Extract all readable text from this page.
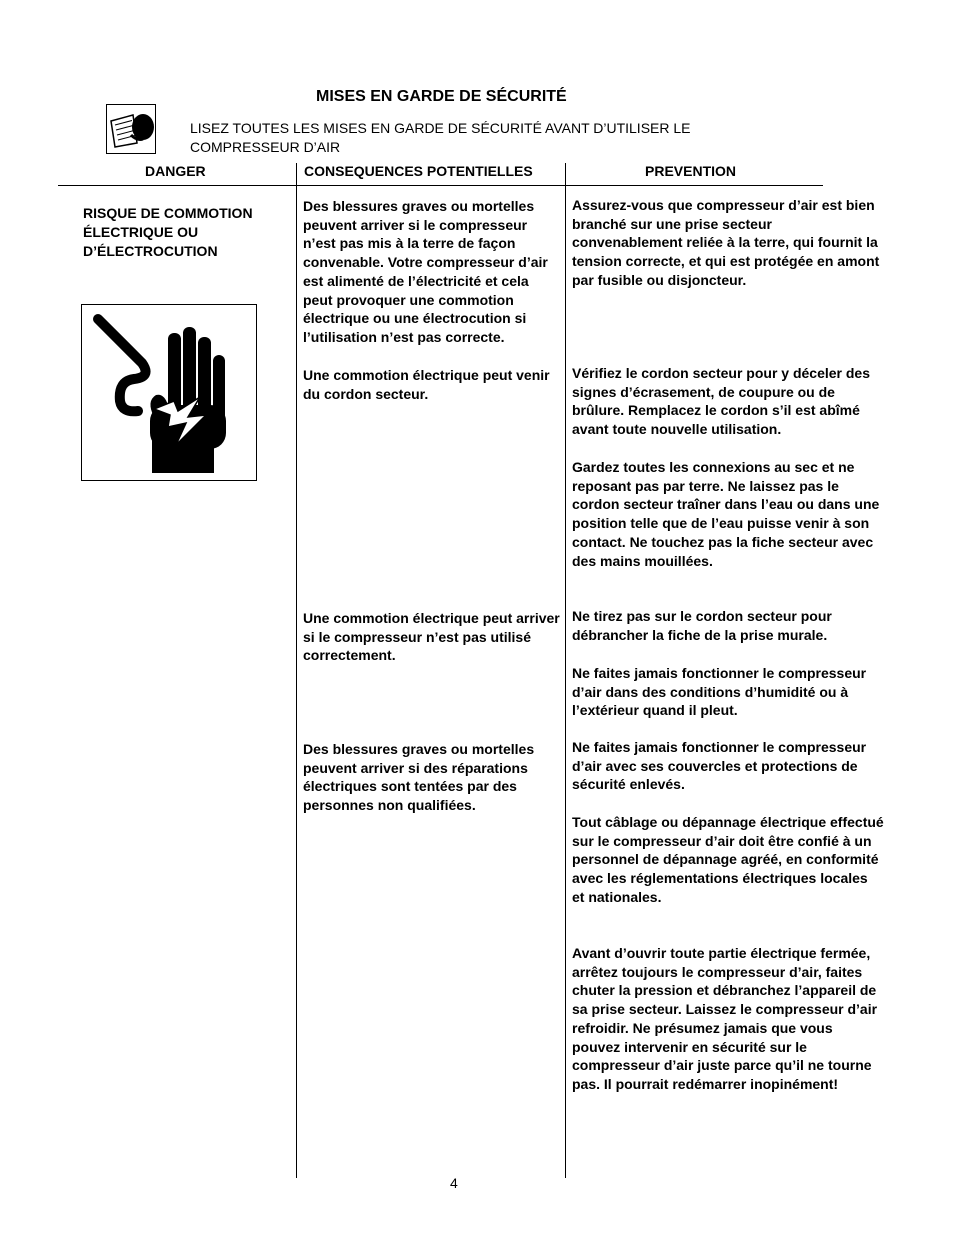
MISES EN GARDE DE SÉCURITÉ
LISEZ TOUTES LES MISES EN GARDE DE SÉCURITÉ AVANT D’UTILISER LE COMPRESSEUR D’AIR
DANGER	CONSEQUENCES POTENTIELLES	PREVENTION
RISQUE DE COMMOTION ÉLECTRIQUE OU D’ÉLECTROCUTION
Des blessures graves ou mortelles peuvent arriver si le compresseur n’est pas mis à la terre de façon convenable. Votre compresseur d’air est alimenté de l’électricité et cela peut provoquer une commotion électrique ou une électrocution si l’utilisation n’est pas correcte.
Une commotion électrique peut venir du cordon secteur.
Une commotion électrique peut arriver si le compresseur n’est pas utilisé correctement.
Des blessures graves ou mortelles peuvent arriver si des réparations électriques sont tentées par des personnes non qualifiées.
Assurez-vous que compresseur d’air est bien branché sur une prise secteur convenablement reliée à la terre, qui fournit la tension correcte, et qui est protégée en amont par fusible ou disjoncteur.
Vérifiez le cordon secteur pour y déceler des signes d’écrasement, de coupure ou de brûlure. Remplacez le cordon s’il est abîmé avant toute nouvelle utilisation.
Gardez toutes les connexions au sec et ne reposant pas par terre. Ne laissez pas le cordon secteur traîner dans l’eau ou dans une position telle que de l’eau puisse venir à son contact. Ne touchez pas la fiche secteur avec des mains mouillées.
Ne tirez pas sur le cordon secteur pour débrancher la fiche de la prise murale.
Ne faites jamais fonctionner le compresseur d’air dans des conditions d’humidité ou à l’extérieur quand il pleut.
Ne faites jamais fonctionner le compresseur d’air avec ses couvercles et protections de sécurité enlevés.
Tout câblage ou dépannage électrique effectué sur le compresseur d’air doit être confié à un personnel de dépannage agréé, en conformité avec les réglementations électriques locales et nationales.
Avant d’ouvrir toute partie électrique fermée, arrêtez toujours le compresseur d’air, faites chuter la pression et débranchez l’appareil de sa prise secteur. Laissez le compresseur d’air refroidir. Ne présumez jamais que vous pouvez intervenir en sécurité sur le compresseur d’air juste parce qu’il ne tourne pas. Il pourrait redémarrer inopinément!
4
